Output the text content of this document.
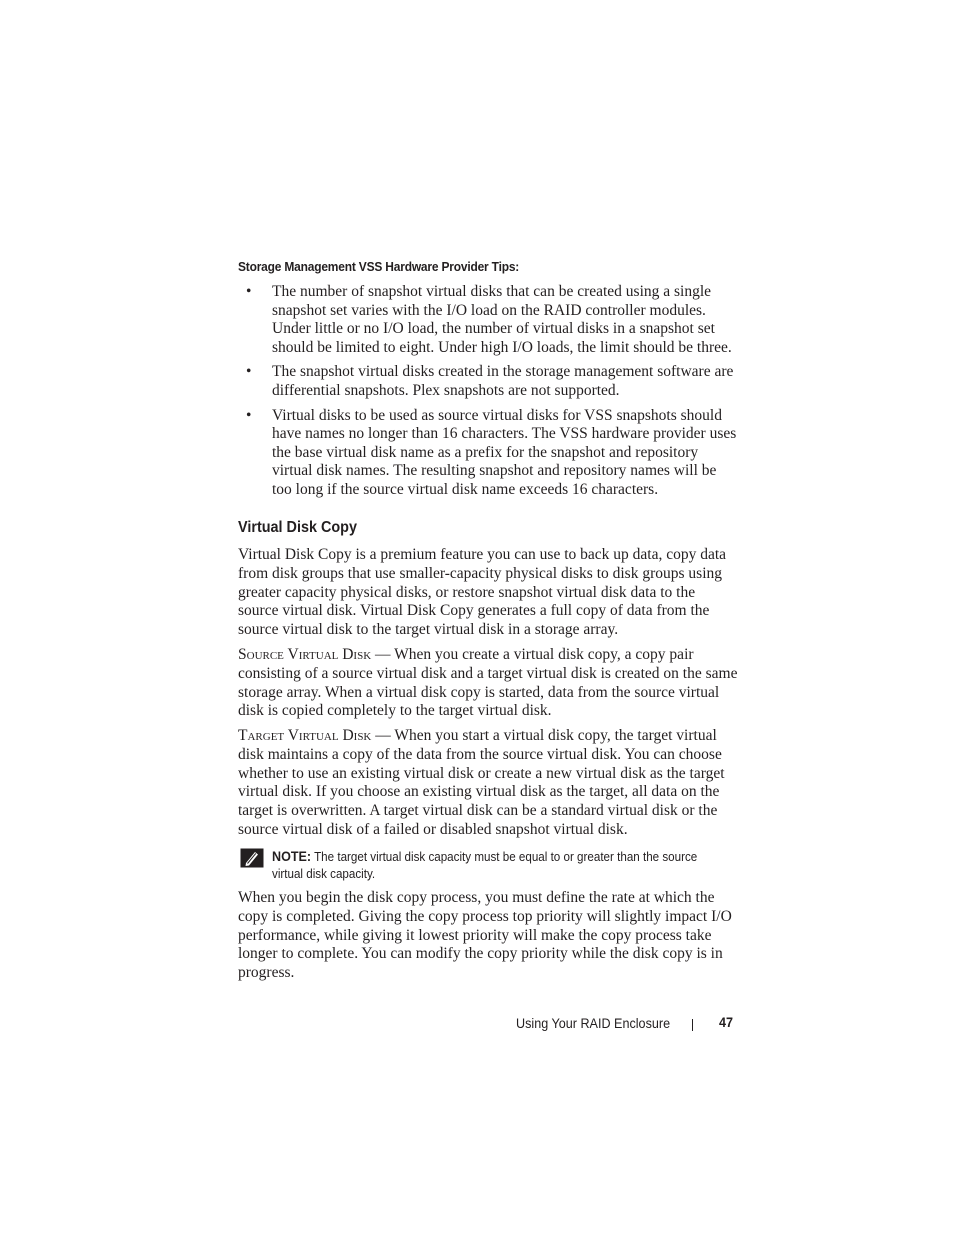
Storage Management VSS Hardware Provider Tips:
• The number of snapshot virtual disks that can be created using a single snapshot set varies with the I/O load on the RAID controller modules. Under little or no I/O load, the number of virtual disks in a snapshot set should be limited to eight. Under high I/O loads, the limit should be three.
• The snapshot virtual disks created in the storage management software are differential snapshots. Plex snapshots are not supported.
• Virtual disks to be used as source virtual disks for VSS snapshots should have names no longer than 16 characters. The VSS hardware provider uses the base virtual disk name as a prefix for the snapshot and repository virtual disk names. The resulting snapshot and repository names will be too long if the source virtual disk name exceeds 16 characters.
Virtual Disk Copy

Virtual Disk Copy is a premium feature you can use to back up data, copy data from disk groups that use smaller-capacity physical disks to disk groups using greater capacity physical disks, or restore snapshot virtual disk data to the source virtual disk. Virtual Disk Copy generates a full copy of data from the source virtual disk to the target virtual disk in a storage array.

Source Virtual Disk — When you create a virtual disk copy, a copy pair consisting of a source virtual disk and a target virtual disk is created on the same storage array. When a virtual disk copy is started, data from the source virtual disk is copied completely to the target virtual disk.

Target Virtual Disk — When you start a virtual disk copy, the target virtual disk maintains a copy of the data from the source virtual disk. You can choose whether to use an existing virtual disk or create a new virtual disk as the target virtual disk. If you choose an existing virtual disk as the target, all data on the target is overwritten. A target virtual disk can be a standard virtual disk or the source virtual disk of a failed or disabled snapshot virtual disk.

NOTE: The target virtual disk capacity must be equal to or greater than the source virtual disk capacity.

When you begin the disk copy process, you must define the rate at which the copy is completed. Giving the copy process top priority will slightly impact I/O performance, while giving it lowest priority will make the copy process take longer to complete. You can modify the copy priority while the disk copy is in progress.

Using Your RAID Enclosure	47
